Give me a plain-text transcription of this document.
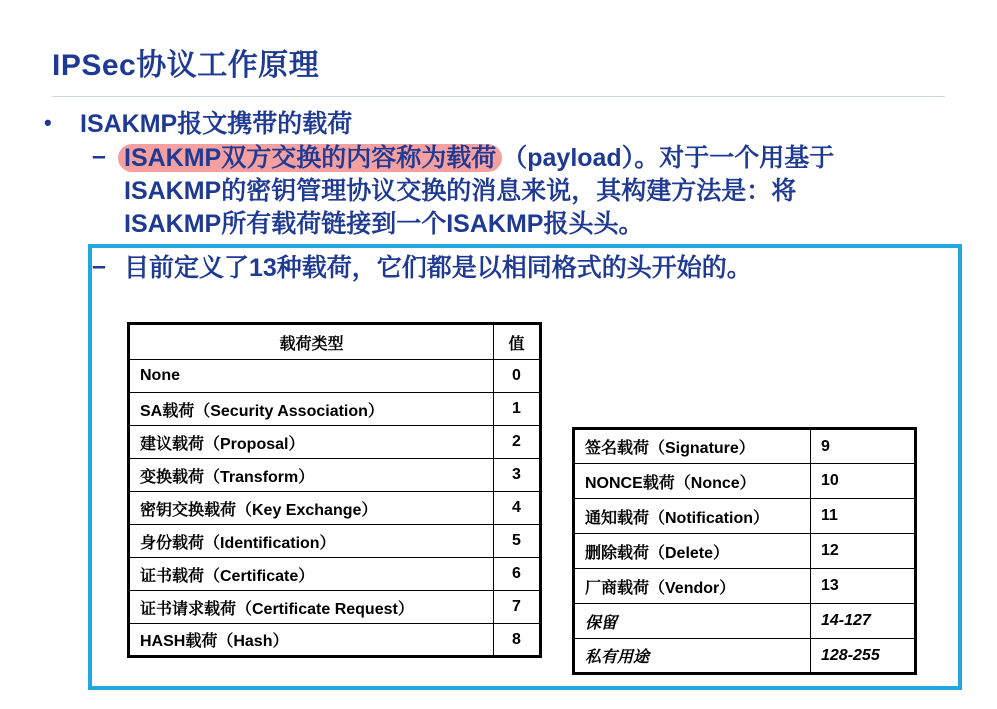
IPSec协议工作原理
• ISAKMP报文携带的载荷
– ISAKMP双方交换的内容称为载荷 （payload）。对于一个用基于
ISAKMP的密钥管理协议交换的消息来说，其构建方法是：将
ISAKMP所有载荷链接到一个ISAKMP报头头。
– 目前定义了13种载荷，它们都是以相同格式的头开始的。
载荷类型	值
None	0
SA载荷（Security Association）	1
建议载荷（Proposal）	2
变换载荷（Transform）	3
密钥交换载荷（Key Exchange）	4
身份载荷（Identification）	5
证书载荷（Certificate）	6
证书请求载荷（Certificate Request）	7
HASH载荷（Hash）	8
签名载荷（Signature）	9
NONCE载荷（Nonce）	10
通知载荷（Notification）	11
删除载荷（Delete）	12
厂商载荷（Vendor）	13
保留	14-127
私有用途	128-255
